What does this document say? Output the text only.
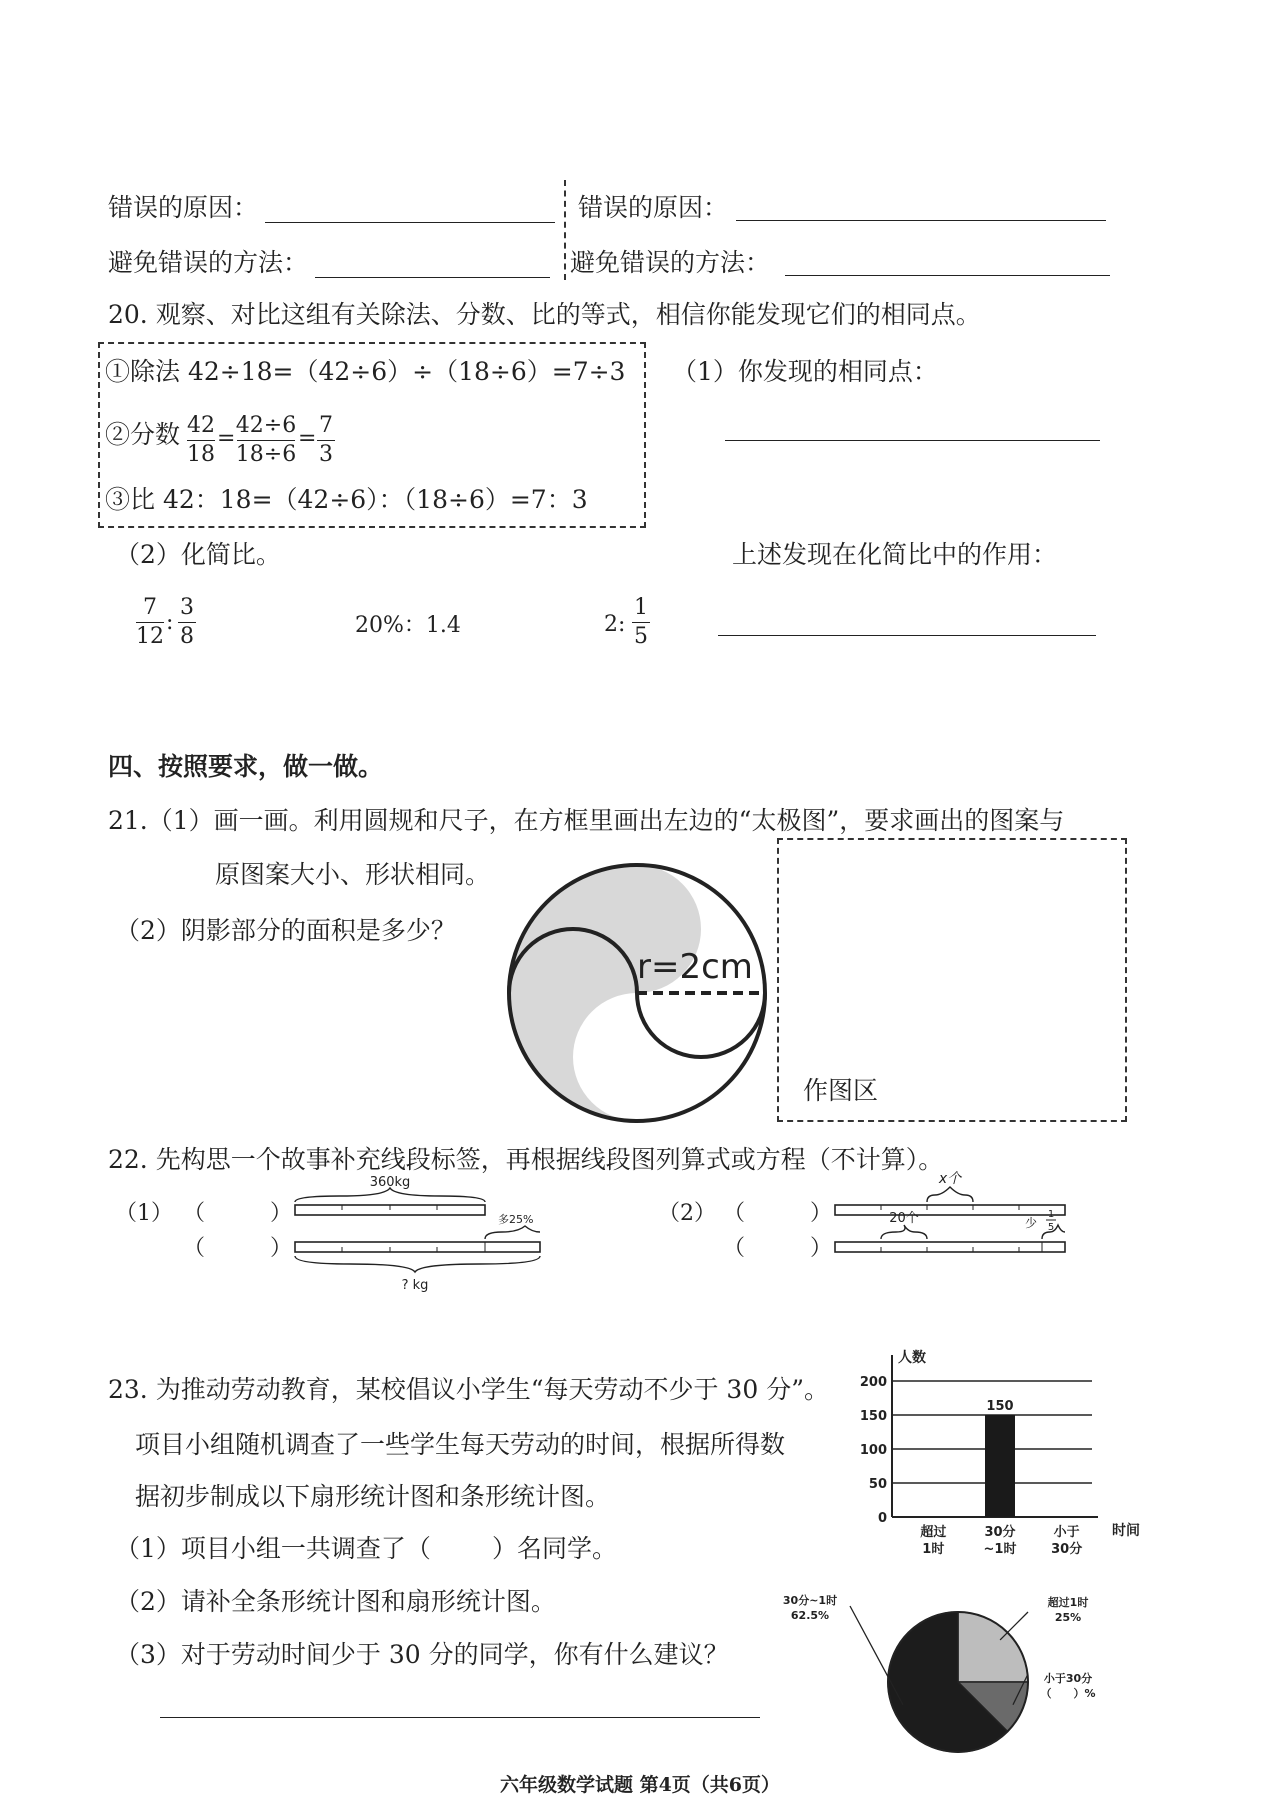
错误的原因：
避免错误的方法：
错误的原因：
避免错误的方法：
20. 观察、对比这组有关除法、分数、比的等式，相信你能发现它们的相同点。
①除法 42÷18=（42÷6）÷（18÷6）=7÷3
②分数 42
18
=
42÷6
18÷6
=
7
3
③比 42：18=（42÷6）：（18÷6）=7：3
（1）你发现的相同点：
（2）化简比。	上述发现在化简比中的作用：
7
12
:
3
8	20%：1.4	2:
1
5
四、按照要求，做一做。
21.（1）画一画。利用圆规和尺子，在方框里画出左边的“太极图”，要求画出的图案与
原图案大小、形状相同。
（2）阴影部分的面积是多少？
r=2cm
作图区
22. 先构思一个故事补充线段标签，再根据线段图列算式或方程（不计算）。
（1） （	）
（	）
360kg
多25%
? kg
（2） （	）
（	）
x个
20个	少
1
5
23. 为推动劳动教育，某校倡议小学生“每天劳动不少于 30 分”。
项目小组随机调查了一些学生每天劳动的时间，根据所得数
据初步制成以下扇形统计图和条形统计图。
（1）项目小组一共调查了（ ）名同学。
（2）请补全条形统计图和扇形统计图。
（3）对于劳动时间少于 30 分的同学，你有什么建议？
人数
时间
0
50
100
150
200
超过
1时
30分
~1时
150
小于
30分
30分~1时
62.5%
超过1时
25%
小于30分
（　　）%
六年级数学试题 第4页（共6页）
